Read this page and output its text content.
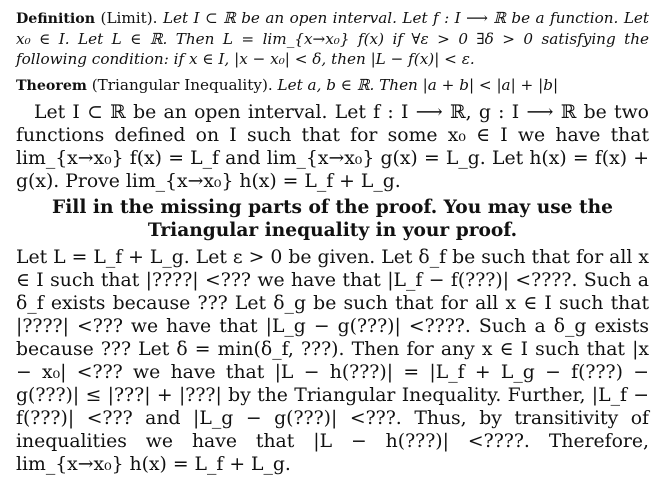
Definition (Limit). Let I ⊂ ℝ be an open interval. Let f : I ⟶ ℝ be a function. Let x₀ ∈ I. Let L ∈ ℝ. Then L = lim_{x→x₀} f(x) if ∀ε > 0 ∃δ > 0 satisfying the following condition: if x ∈ I, |x − x₀| < δ, then |L − f(x)| < ε.

Theorem (Triangular Inequality). Let a, b ∈ ℝ. Then |a + b| < |a| + |b|

Let I ⊂ ℝ be an open interval. Let f : I ⟶ ℝ, g : I ⟶ ℝ be two functions defined on I such that for some x₀ ∈ I we have that lim_{x→x₀} f(x) = L_f and lim_{x→x₀} g(x) = L_g. Let h(x) = f(x) + g(x). Prove lim_{x→x₀} h(x) = L_f + L_g.

Fill in the missing parts of the proof. You may use the
Triangular inequality in your proof.

Let L = L_f + L_g. Let ε > 0 be given. Let δ_f be such that for all x ∈ I such that |????| <??? we have that |L_f − f(???)| <????. Such a δ_f exists because ??? Let δ_g be such that for all x ∈ I such that |????| <??? we have that |L_g − g(???)| <????. Such a δ_g exists because ??? Let δ = min(δ_f, ???). Then for any x ∈ I such that |x − x₀| <??? we have that |L − h(???)| = |L_f + L_g − f(???) − g(???)| ≤ |???| + |???| by the Triangular Inequality. Further, |L_f − f(???)| <??? and |L_g − g(???)| <???. Thus, by transitivity of inequalities we have that |L − h(???)| <????. Therefore, lim_{x→x₀} h(x) = L_f + L_g.
